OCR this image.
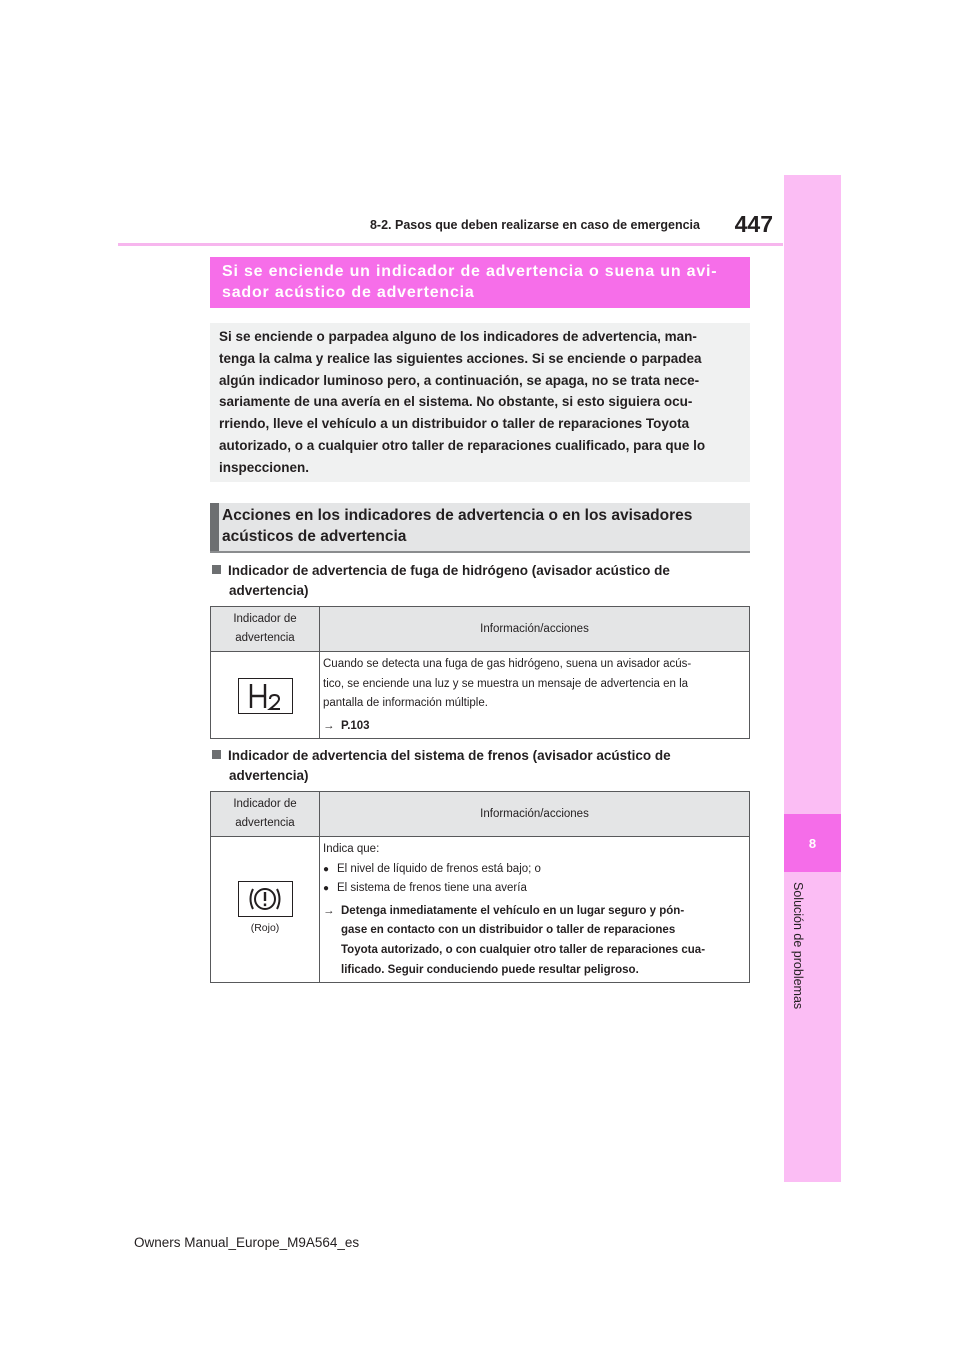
8-2. Pasos que deben realizarse en caso de emergencia	447
8
Solución de problemas
Si se enciende un indicador de advertencia o suena un avi-
sador acústico de advertencia
Si se enciende o parpadea alguno de los indicadores de advertencia, man-
tenga la calma y realice las siguientes acciones. Si se enciende o parpadea
algún indicador luminoso pero, a continuación, se apaga, no se trata nece-
sariamente de una avería en el sistema. No obstante, si esto siguiera ocu-
rriendo, lleve el vehículo a un distribuidor o taller de reparaciones Toyota
autorizado, o a cualquier otro taller de reparaciones cualificado, para que lo
inspeccionen.
Acciones en los indicadores de advertencia o en los avisadores
acústicos de advertencia
Indicador de advertencia de fuga de hidrógeno (avisador acústico de
advertencia)
Indicador de
advertencia
Información/acciones
Cuando se detecta una fuga de gas hidrógeno, suena un avisador acús-
tico, se enciende una luz y se muestra un mensaje de advertencia en la
pantalla de información múltiple.
→ P.103
Indicador de advertencia del sistema de frenos (avisador acústico de
advertencia)
Indicador de
advertencia
Información/acciones
(Rojo)
Indica que:
● El nivel de líquido de frenos está bajo; o
● El sistema de frenos tiene una avería
→ Detenga inmediatamente el vehículo en un lugar seguro y pón-
gase en contacto con un distribuidor o taller de reparaciones
Toyota autorizado, o con cualquier otro taller de reparaciones cua-
lificado. Seguir conduciendo puede resultar peligroso.
Owners Manual_Europe_M9A564_es
